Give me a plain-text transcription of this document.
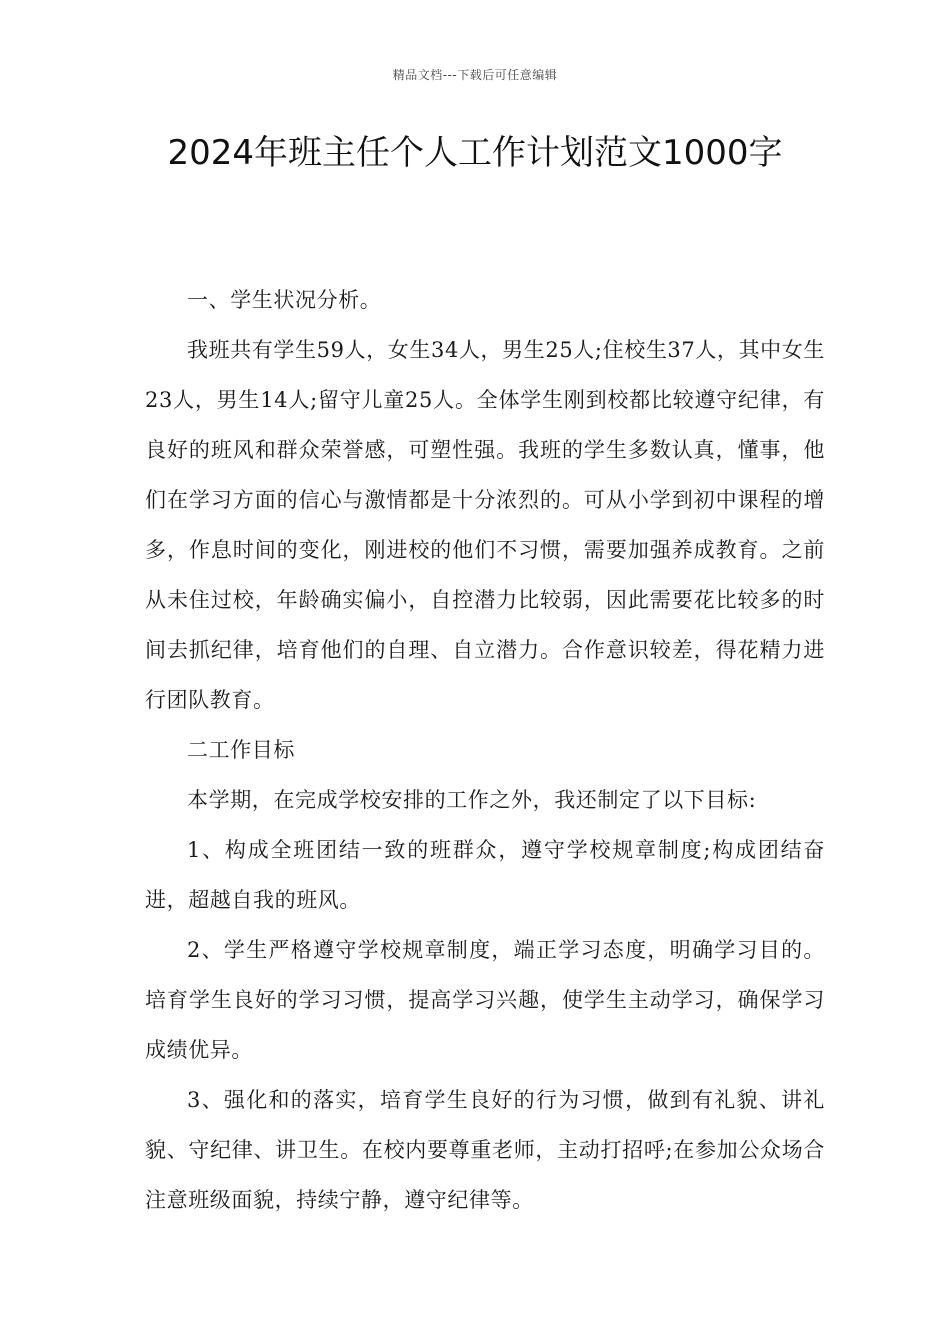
精品文档---下载后可任意编辑
2024年班主任个人工作计划范文1000字

一、学生状况分析。

我班共有学生59人，女生34人，男生25人;住校生37人，其中女生23人，男生14人;留守儿童25人。全体学生刚到校都比较遵守纪律，有良好的班风和群众荣誉感，可塑性强。我班的学生多数认真，懂事，他们在学习方面的信心与激情都是十分浓烈的。可从小学到初中课程的增多，作息时间的变化，刚进校的他们不习惯，需要加强养成教育。之前从未住过校，年龄确实偏小，自控潜力比较弱，因此需要花比较多的时间去抓纪律，培育他们的自理、自立潜力。合作意识较差，得花精力进行团队教育。

二工作目标

本学期，在完成学校安排的工作之外，我还制定了以下目标:

1、构成全班团结一致的班群众，遵守学校规章制度;构成团结奋进，超越自我的班风。

2、学生严格遵守学校规章制度，端正学习态度，明确学习目的。培育学生良好的学习习惯，提高学习兴趣，使学生主动学习，确保学习成绩优异。

3、强化和的落实，培育学生良好的行为习惯，做到有礼貌、讲礼貌、守纪律、讲卫生。在校内要尊重老师，主动打招呼;在参加公众场合注意班级面貌，持续宁静，遵守纪律等。
